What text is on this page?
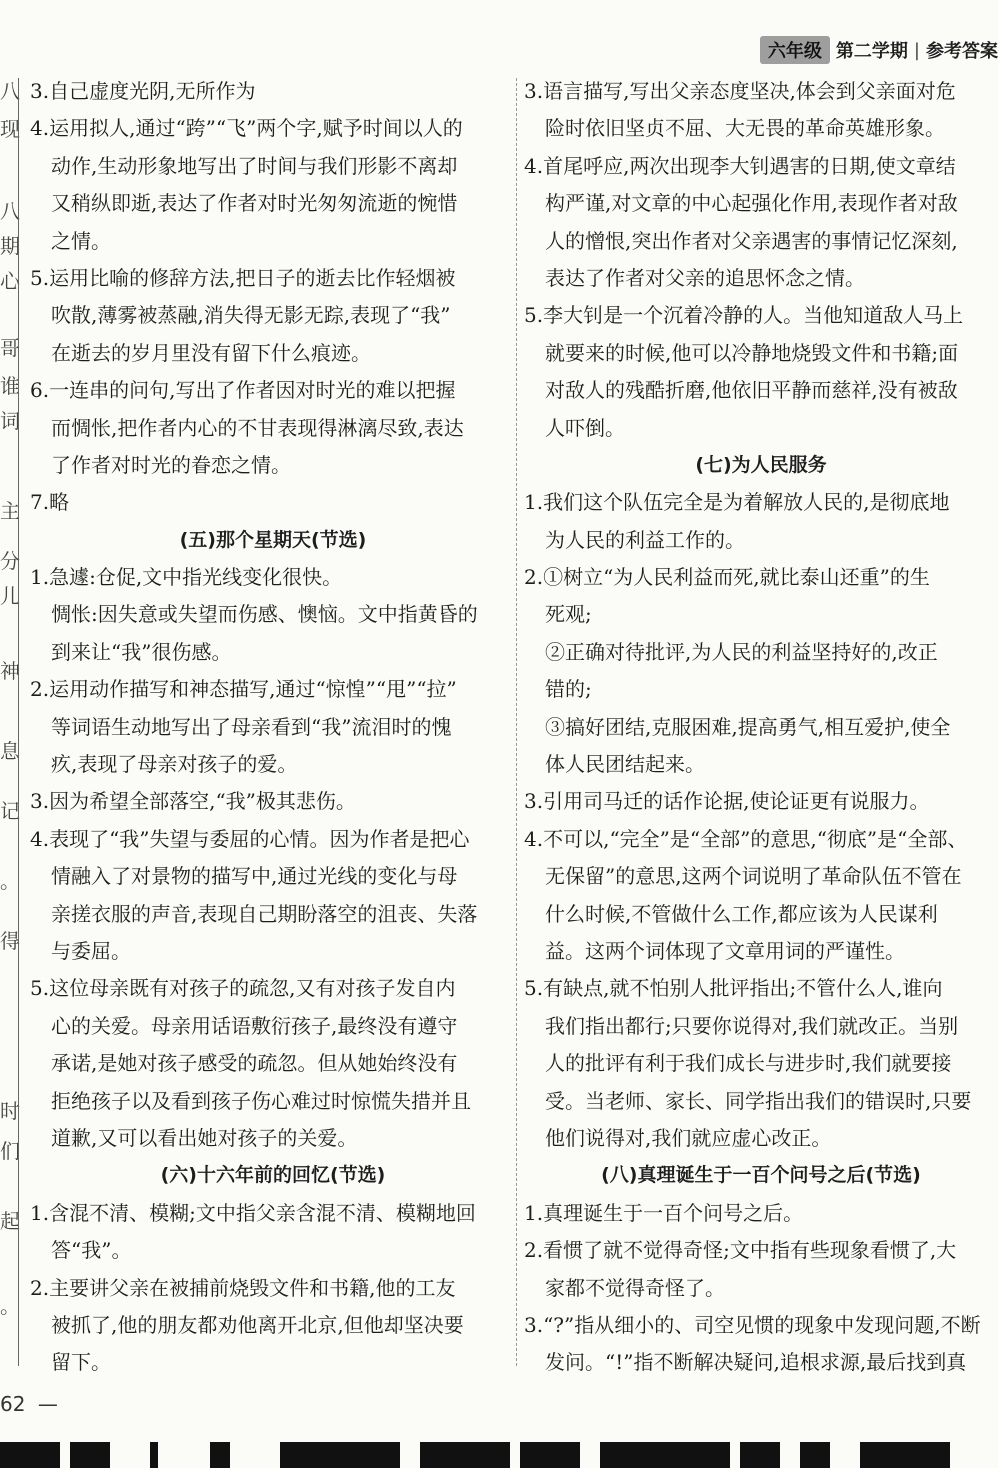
六年级 第二学期 | 参考答案
八
现
八
期
心
哥
谁
词
主
分
儿
神
息
记
。
得
时
们
起
。
3.自己虚度光阴,无所作为
4.运用拟人,通过“跨”“飞”两个字,赋予时间以人的
动作,生动形象地写出了时间与我们形影不离却
又稍纵即逝,表达了作者对时光匆匆流逝的惋惜
之情。
5.运用比喻的修辞方法,把日子的逝去比作轻烟被
吹散,薄雾被蒸融,消失得无影无踪,表现了“我”
在逝去的岁月里没有留下什么痕迹。
6.一连串的问句,写出了作者因对时光的难以把握
而惆怅,把作者内心的不甘表现得淋漓尽致,表达
了作者对时光的眷恋之情。
7.略
(五)那个星期天(节选)
1.急遽:仓促,文中指光线变化很快。
惆怅:因失意或失望而伤感、懊恼。文中指黄昏的
到来让“我”很伤感。
2.运用动作描写和神态描写,通过“惊惶”“甩”“拉”
等词语生动地写出了母亲看到“我”流泪时的愧
疚,表现了母亲对孩子的爱。
3.因为希望全部落空,“我”极其悲伤。
4.表现了“我”失望与委屈的心情。因为作者是把心
情融入了对景物的描写中,通过光线的变化与母
亲搓衣服的声音,表现自己期盼落空的沮丧、失落
与委屈。
5.这位母亲既有对孩子的疏忽,又有对孩子发自内
心的关爱。母亲用话语敷衍孩子,最终没有遵守
承诺,是她对孩子感受的疏忽。但从她始终没有
拒绝孩子以及看到孩子伤心难过时惊慌失措并且
道歉,又可以看出她对孩子的关爱。
(六)十六年前的回忆(节选)
1.含混不清、模糊;文中指父亲含混不清、模糊地回
答“我”。
2.主要讲父亲在被捕前烧毁文件和书籍,他的工友
被抓了,他的朋友都劝他离开北京,但他却坚决要
留下。
3.语言描写,写出父亲态度坚决,体会到父亲面对危
险时依旧坚贞不屈、大无畏的革命英雄形象。
4.首尾呼应,两次出现李大钊遇害的日期,使文章结
构严谨,对文章的中心起强化作用,表现作者对敌
人的憎恨,突出作者对父亲遇害的事情记忆深刻,
表达了作者对父亲的追思怀念之情。
5.李大钊是一个沉着冷静的人。当他知道敌人马上
就要来的时候,他可以冷静地烧毁文件和书籍;面
对敌人的残酷折磨,他依旧平静而慈祥,没有被敌
人吓倒。
(七)为人民服务
1.我们这个队伍完全是为着解放人民的,是彻底地
为人民的利益工作的。
2.①树立“为人民利益而死,就比泰山还重”的生
死观;
②正确对待批评,为人民的利益坚持好的,改正
错的;
③搞好团结,克服困难,提高勇气,相互爱护,使全
体人民团结起来。
3.引用司马迁的话作论据,使论证更有说服力。
4.不可以,“完全”是“全部”的意思,“彻底”是“全部、
无保留”的意思,这两个词说明了革命队伍不管在
什么时候,不管做什么工作,都应该为人民谋利
益。这两个词体现了文章用词的严谨性。
5.有缺点,就不怕别人批评指出;不管什么人,谁向
我们指出都行;只要你说得对,我们就改正。当别
人的批评有利于我们成长与进步时,我们就要接
受。当老师、家长、同学指出我们的错误时,只要
他们说得对,我们就应虚心改正。
(八)真理诞生于一百个问号之后(节选)
1.真理诞生于一百个问号之后。
2.看惯了就不觉得奇怪;文中指有些现象看惯了,大
家都不觉得奇怪了。
3.“?”指从细小的、司空见惯的现象中发现问题,不断
发问。“!”指不断解决疑问,追根求源,最后找到真
62 —
